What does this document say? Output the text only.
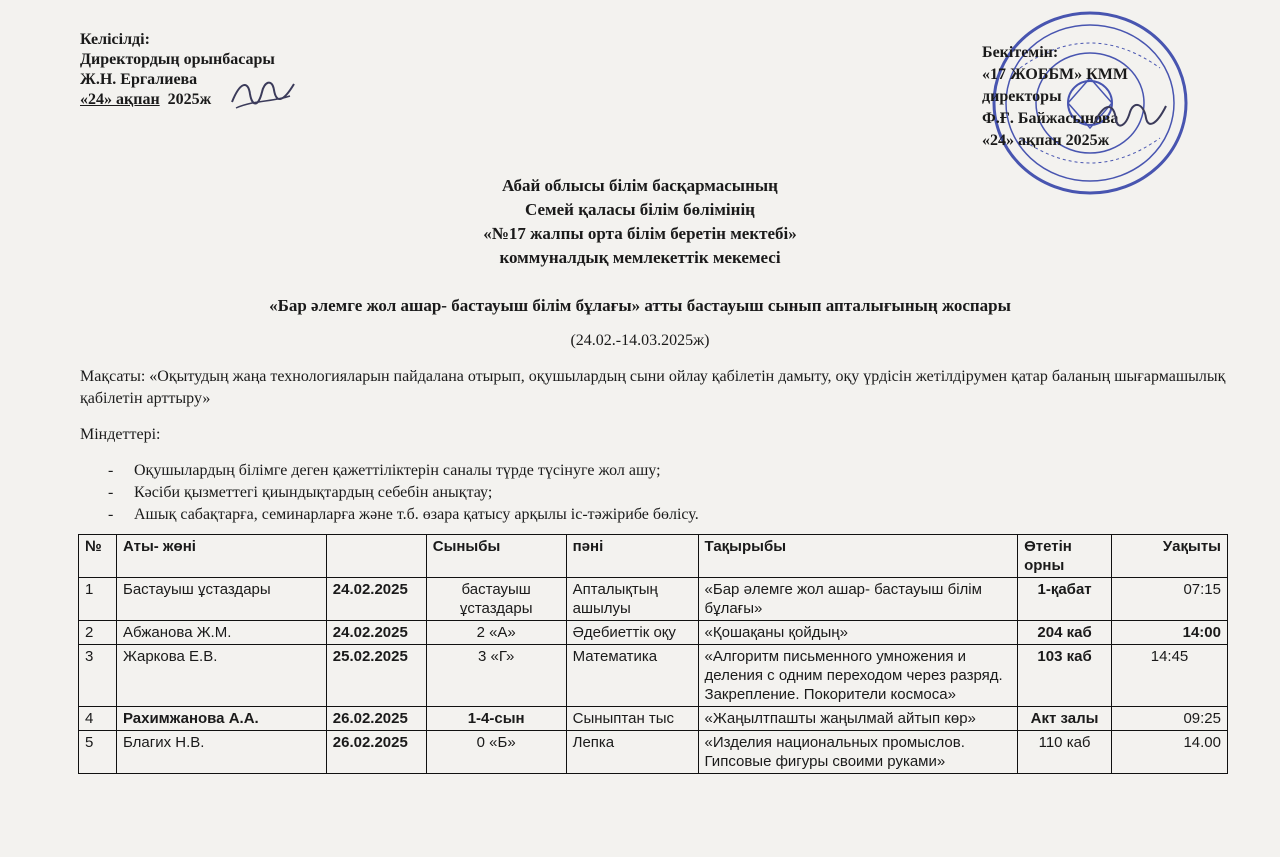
Келісілді:
Директордың орынбасары
Ж.Н. Ергалиева
«24» ақпан 2025ж
Бекітемін:
«17 ЖОББМ» КММ
директоры
Ф.Ғ. Байжасынова
«24» ақпан 2025ж
Абай облысы білім басқармасының
Семей қаласы білім бөлімінің
«№17 жалпы орта білім беретін мектебі»
коммуналдық мемлекеттік мекемесі
«Бар әлемге жол ашар- бастауыш білім бұлағы» атты бастауыш сынып апталығының жоспары
(24.02.-14.03.2025ж)
Мақсаты: «Оқытудың жаңа технологияларын пайдалана отырып, оқушылардың сыни ойлау қабілетін дамыту, оқу үрдісін жетілдірумен қатар баланың шығармашылық қабілетін арттыру»
Міндеттері:
- Оқушылардың білімге деген қажеттіліктерін саналы түрде түсінуге жол ашу;
- Кәсіби қызметтегі қиындықтардың себебін анықтау;
- Ашық сабақтарға, семинарларға және т.б. өзара қатысу арқылы іс-тәжірибе бөлісу.
№	Аты- жөні		Сыныбы	пәні	Тақырыбы	Өтетін орны	Уақыты
1	Бастауыш ұстаздары	24.02.2025	бастауыш ұстаздары	Апталықтың ашылуы	«Бар әлемге жол ашар- бастауыш білім бұлағы»	1-қабат	07:15
2	Абжанова Ж.М.	24.02.2025	2 «А»	Әдебиеттік оқу	«Қошақаны қойдың»	204 каб	14:00
3	Жаркова Е.В.	25.02.2025	3 «Г»	Математика	«Алгоритм письменного умножения и деления с одним переходом через разряд. Закрепление. Покорители космоса»	103 каб	14:45
4	Рахимжанова А.А.	26.02.2025	1-4-сын	Сыныптан тыс	«Жаңылтпашты жаңылмай айтып көр»	Акт залы	09:25
5	Благих Н.В.	26.02.2025	0 «Б»	Лепка	«Изделия национальных промыслов. Гипсовые фигуры своими руками»	110 каб	14.00
